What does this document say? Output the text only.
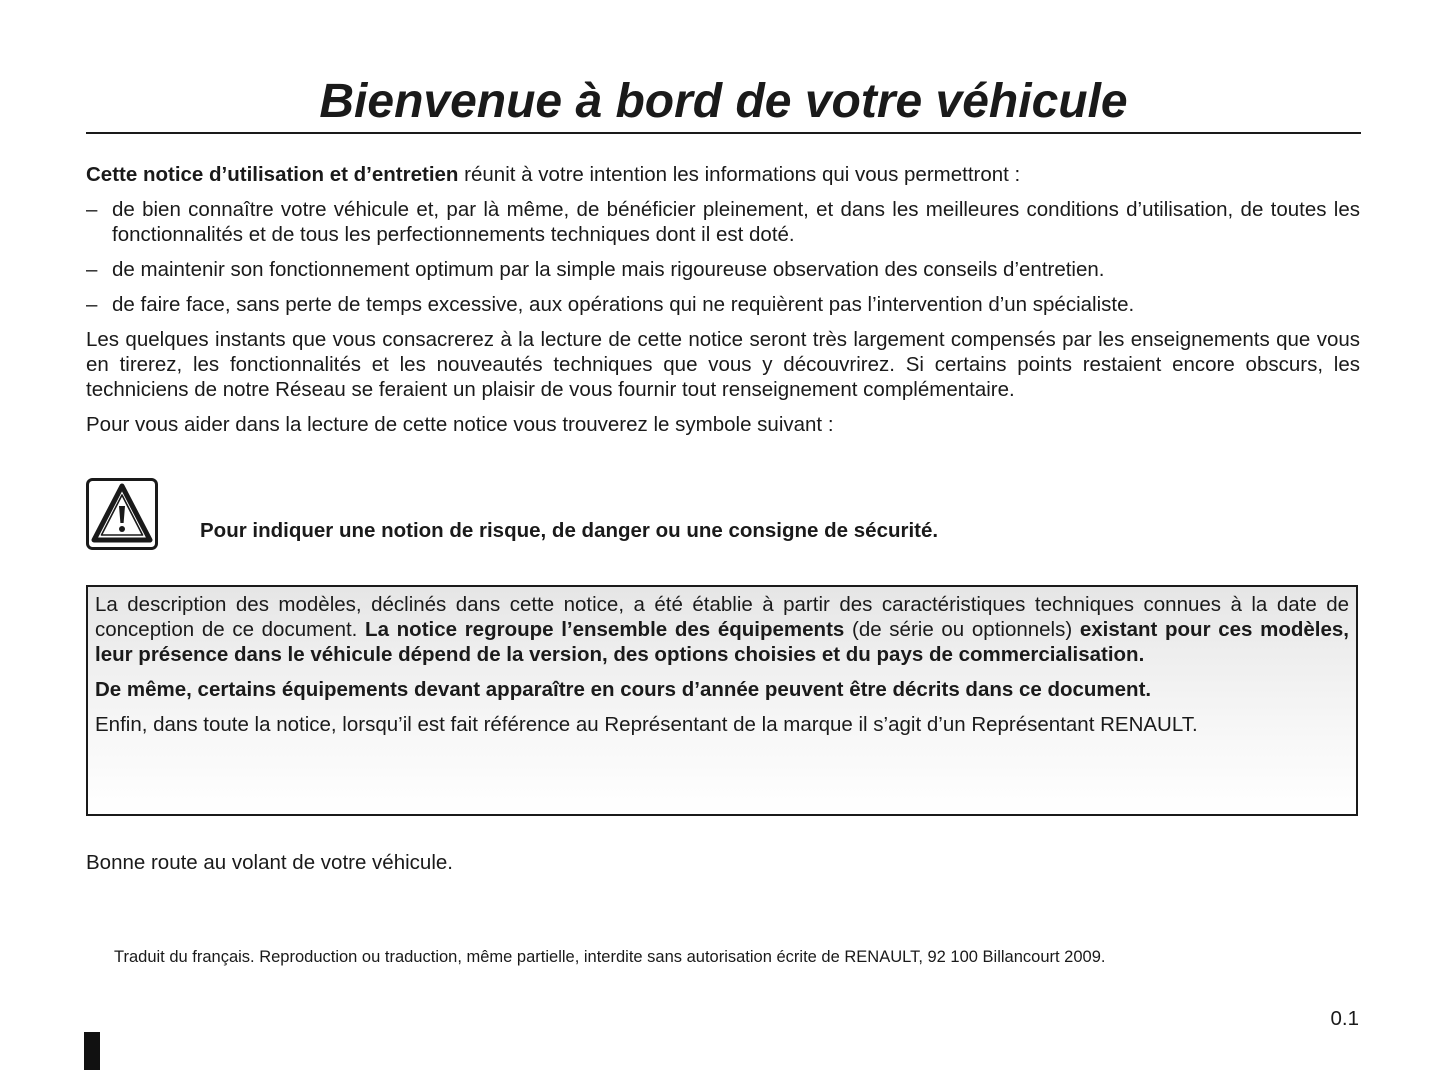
Bienvenue à bord de votre véhicule

Cette notice d’utilisation et d’entretien réunit à votre intention les informations qui vous permettront :

– de bien connaître votre véhicule et, par là même, de bénéficier pleinement, et dans les meilleures conditions d’utilisation, de toutes les fonctionnalités et de tous les perfectionnements techniques dont il est doté.
– de maintenir son fonctionnement optimum par la simple mais rigoureuse observation des conseils d’entretien.
– de faire face, sans perte de temps excessive, aux opérations qui ne requièrent pas l’intervention d’un spécialiste.

Les quelques instants que vous consacrerez à la lecture de cette notice seront très largement compensés par les enseignements que vous en tirerez, les fonctionnalités et les nouveautés techniques que vous y découvrirez. Si certains points restaient encore obscurs, les techniciens de notre Réseau se feraient un plaisir de vous fournir tout renseignement complémentaire.

Pour vous aider dans la lecture de cette notice vous trouverez le symbole suivant :

Pour indiquer une notion de risque, de danger ou une consigne de sécurité.

La description des modèles, déclinés dans cette notice, a été établie à partir des caractéristiques techniques connues à la date de conception de ce document. La notice regroupe l’ensemble des équipements (de série ou optionnels) existant pour ces modèles, leur présence dans le véhicule dépend de la version, des options choisies et du pays de commercialisation.

De même, certains équipements devant apparaître en cours d’année peuvent être décrits dans ce document.

Enfin, dans toute la notice, lorsqu’il est fait référence au Représentant de la marque il s’agit d’un Représentant RENAULT.

Bonne route au volant de votre véhicule.
Traduit du français. Reproduction ou traduction, même partielle, interdite sans autorisation écrite de RENAULT, 92 100 Billancourt 2009.
0.1
